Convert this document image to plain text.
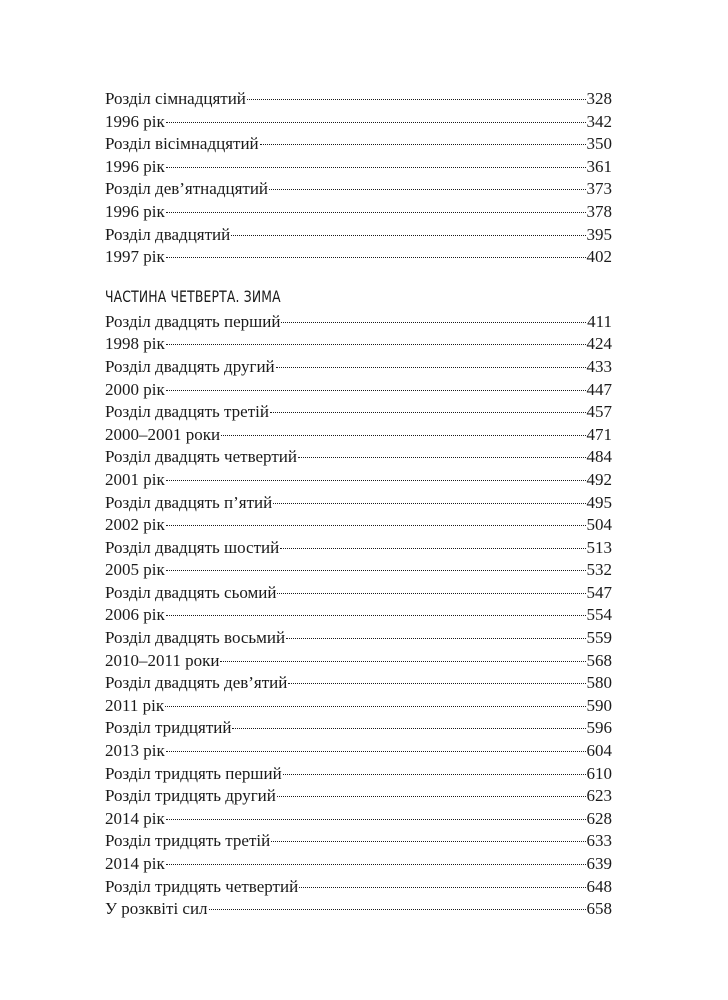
Розділ сімнадцятий	328
1996 рік	342
Розділ вісімнадцятий	350
1996 рік	361
Розділ дев’ятнадцятий	373
1996 рік	378
Розділ двадцятий	395
1997 рік	402
ЧАСТИНА ЧЕТВЕРТА. ЗИМА
Розділ двадцять перший	411
1998 рік	424
Розділ двадцять другий	433
2000 рік	447
Розділ двадцять третій	457
2000–2001 роки	471
Розділ двадцять четвертий	484
2001 рік	492
Розділ двадцять п’ятий	495
2002 рік	504
Розділ двадцять шостий	513
2005 рік	532
Розділ двадцять сьомий	547
2006 рік	554
Розділ двадцять восьмий	559
2010–2011 роки	568
Розділ двадцять дев’ятий	580
2011 рік	590
Розділ тридцятий	596
2013 рік	604
Розділ тридцять перший	610
Розділ тридцять другий	623
2014 рік	628
Розділ тридцять третій	633
2014 рік	639
Розділ тридцять четвертий	648
У розквіті сил	658
